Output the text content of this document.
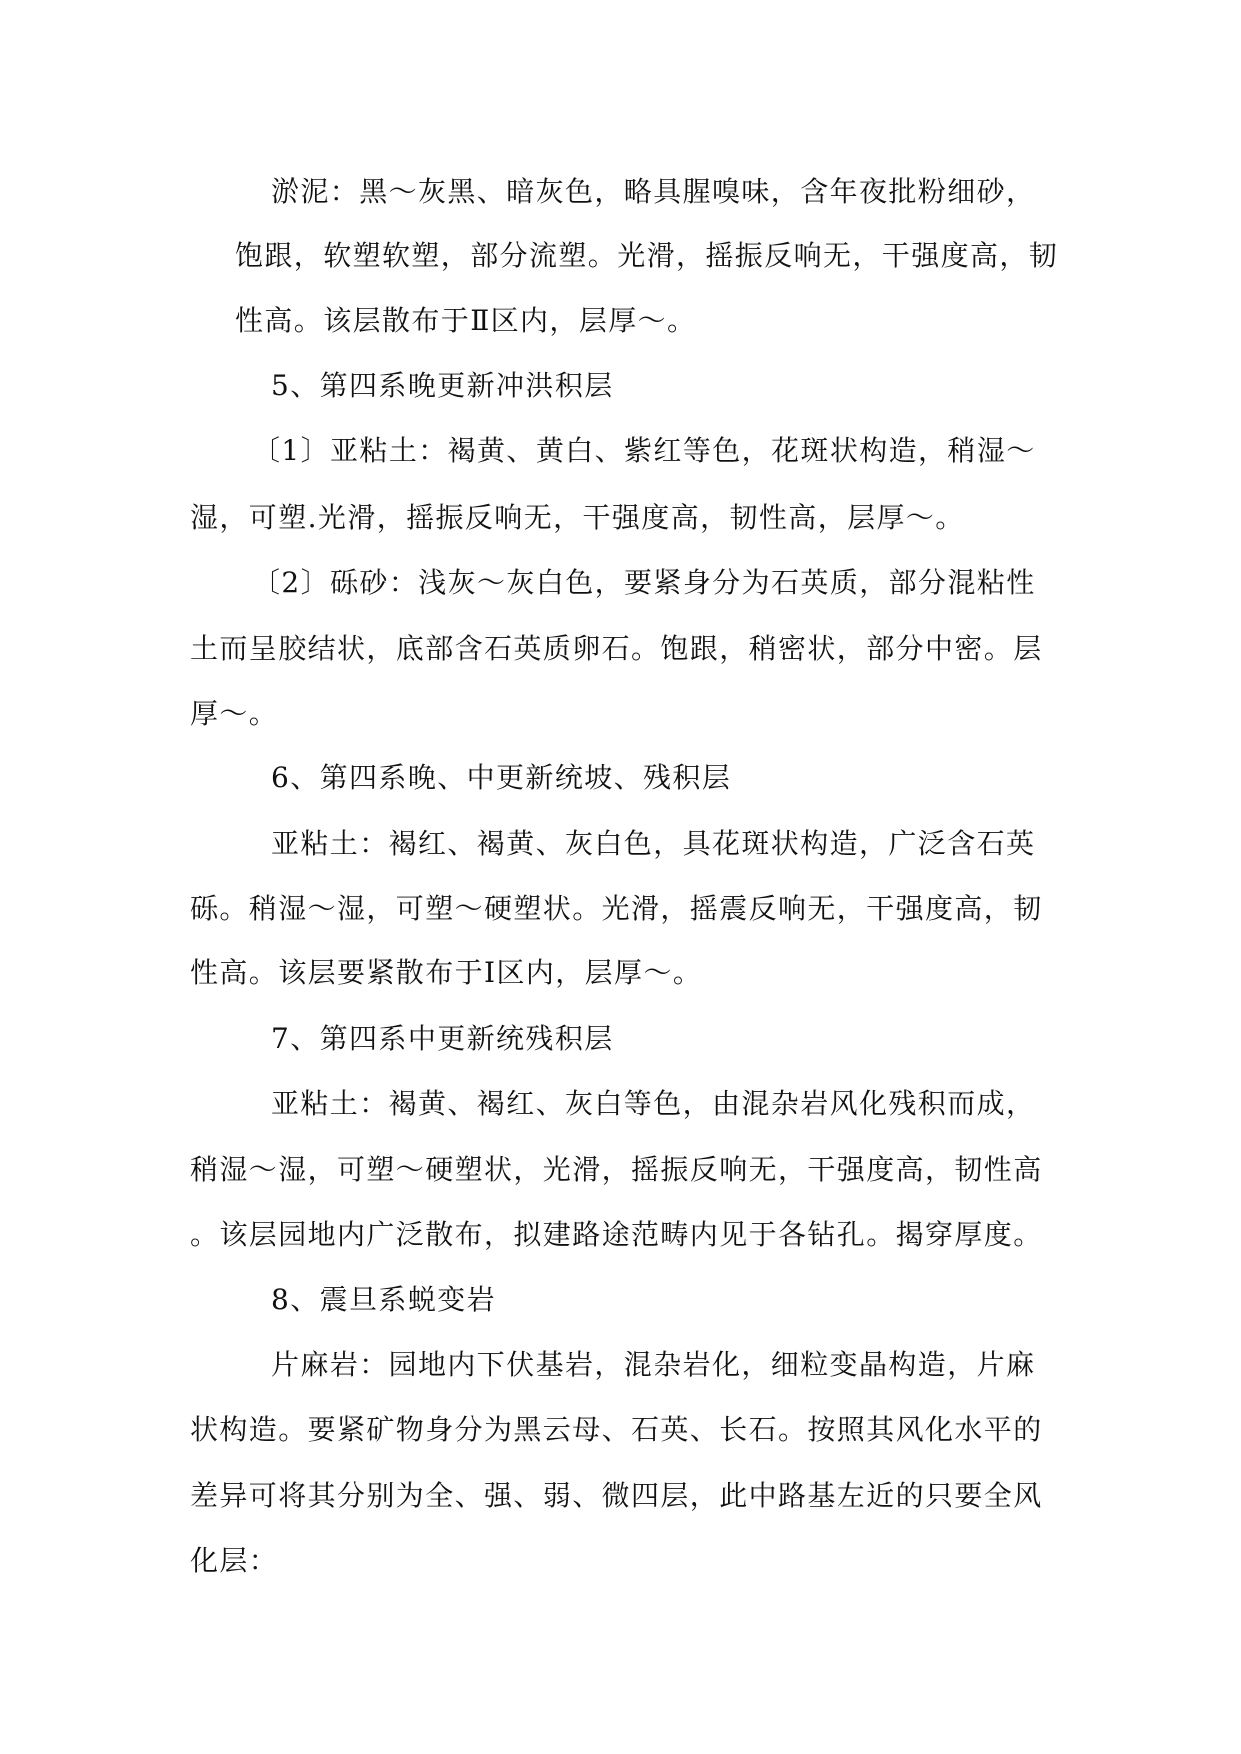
淤泥：黑～灰黑、暗灰色，略具腥嗅味，含年夜批粉细砂，
饱跟，软塑软塑，部分流塑。光滑，摇振反响无，干强度高，韧
性高。该层散布于Ⅱ区内，层厚～。
5、第四系晚更新冲洪积层
〔1〕亚粘土：褐黄、黄白、紫红等色，花斑状构造，稍湿～
湿，可塑.光滑，摇振反响无，干强度高，韧性高，层厚～。
〔2〕砾砂：浅灰～灰白色，要紧身分为石英质，部分混粘性
土而呈胶结状，底部含石英质卵石。饱跟，稍密状，部分中密。层
厚～。
6、第四系晚、中更新统坡、残积层
亚粘土：褐红、褐黄、灰白色，具花斑状构造，广泛含石英
砾。稍湿～湿，可塑～硬塑状。光滑，摇震反响无，干强度高，韧
性高。该层要紧散布于Ⅰ区内，层厚～。
7、第四系中更新统残积层
亚粘土：褐黄、褐红、灰白等色，由混杂岩风化残积而成，
稍湿～湿，可塑～硬塑状，光滑，摇振反响无，干强度高，韧性高
。该层园地内广泛散布，拟建路途范畴内见于各钻孔。揭穿厚度。
8、震旦系蜕变岩
片麻岩：园地内下伏基岩，混杂岩化，细粒变晶构造，片麻
状构造。要紧矿物身分为黑云母、石英、长石。按照其风化水平的
差异可将其分别为全、强、弱、微四层，此中路基左近的只要全风
化层：
